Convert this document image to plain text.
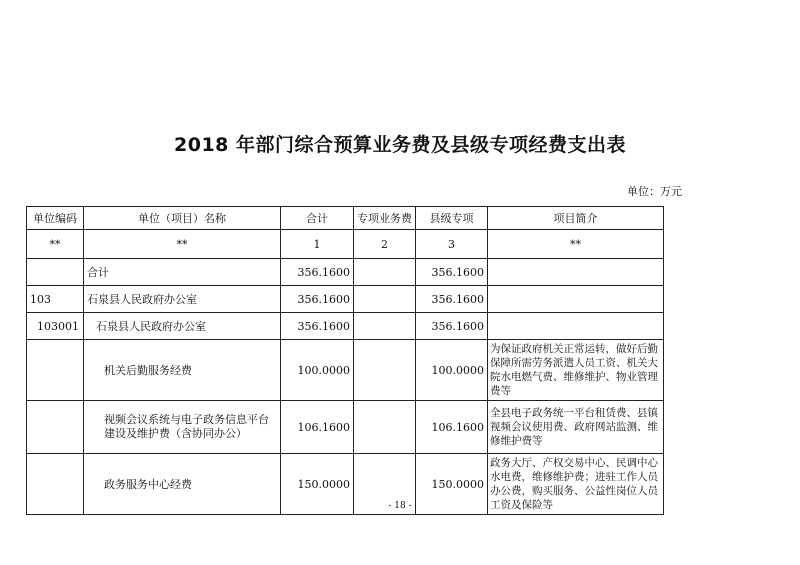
2018 年部门综合预算业务费及县级专项经费支出表
单位：万元
单位编码	单位（项目）名称	合计	专项业务费	县级专项	项目简介
**	**	1	2	3	**
	合计	356.1600		356.1600	
103	石泉县人民政府办公室	356.1600		356.1600	
103001	石泉县人民政府办公室	356.1600		356.1600	
	机关后勤服务经费	100.0000		100.0000	为保证政府机关正常运转，做好后勤保障所需劳务派遣人员工资、机关大院水电燃气费、维修维护、物业管理费等
	视频会议系统与电子政务信息平台建设及维护费（含协同办公）	106.1600		106.1600	全县电子政务统一平台租赁费、县镇视频会议使用费、政府网站监测、维修维护费等
	政务服务中心经费	150.0000		150.0000	政务大厅、产权交易中心、民调中心水电费，维修维护费；进驻工作人员办公费，购买服务、公益性岗位人员工资及保险等
- 18 -
